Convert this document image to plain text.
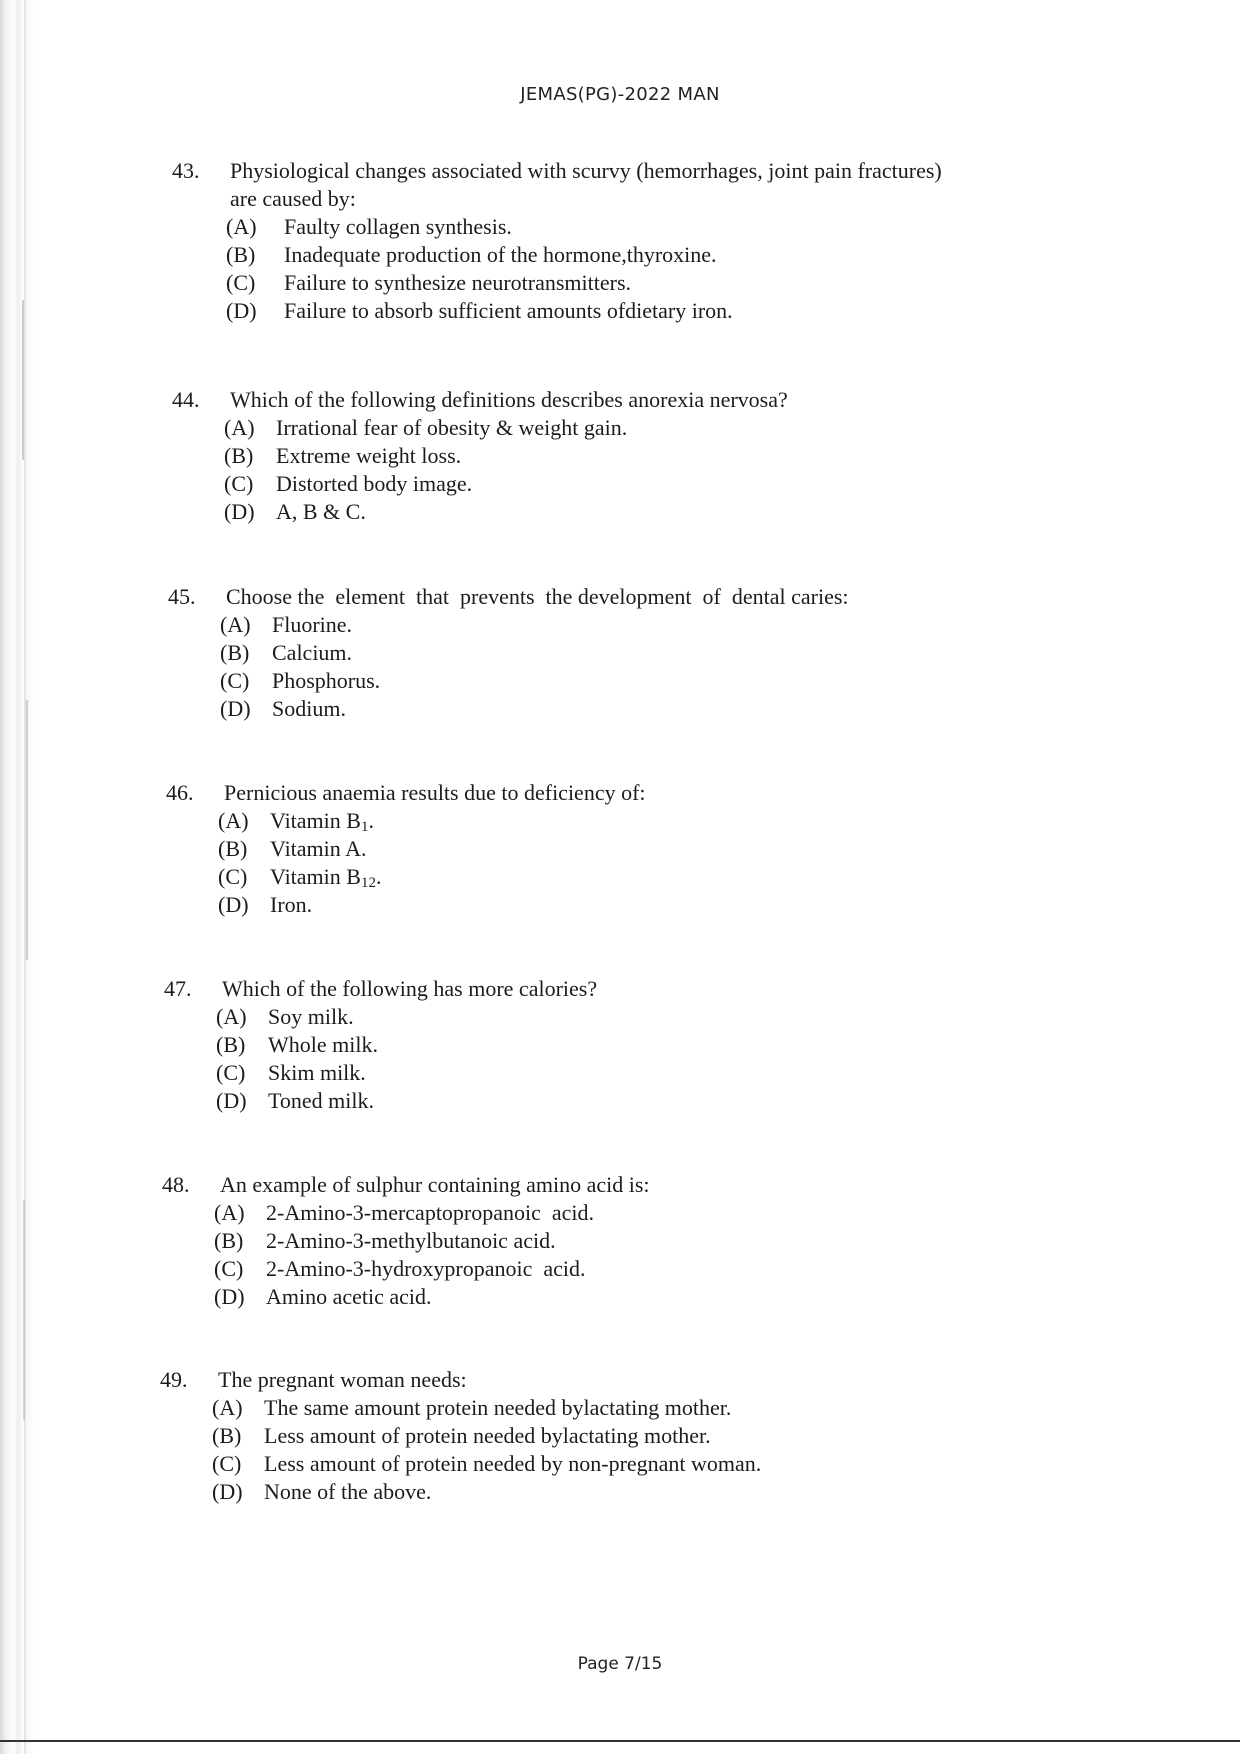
JEMAS(PG)-2022 MAN
43. Physiological changes associated with scurvy (hemorrhages, joint pain fractures)
are caused by:
(A) Faulty collagen synthesis.
(B) Inadequate production of the hormone,thyroxine.
(C) Failure to synthesize neurotransmitters.
(D) Failure to absorb sufficient amounts ofdietary iron.
44. Which of the following definitions describes anorexia nervosa?
(A) Irrational fear of obesity & weight gain.
(B) Extreme weight loss.
(C) Distorted body image.
(D) A, B & C.
45. Choose the  element  that  prevents  the development  of  dental caries:
(A) Fluorine.
(B) Calcium.
(C) Phosphorus.
(D) Sodium.
46. Pernicious anaemia results due to deficiency of:
(A) Vitamin $B_1$.
(B) Vitamin A.
(C) Vitamin $B_{12}$.
(D) Iron.
47. Which of the following has more calories?
(A) Soy milk.
(B) Whole milk.
(C) Skim milk.
(D) Toned milk.
48. An example of sulphur containing amino acid is:
(A) 2-Amino-3-mercaptopropanoic  acid.
(B) 2-Amino-3-methylbutanoic acid.
(C) 2-Amino-3-hydroxypropanoic  acid.
(D) Amino acetic acid.
49. The pregnant woman needs:
(A) The same amount protein needed bylactating mother.
(B) Less amount of protein needed bylactating mother.
(C) Less amount of protein needed by non-pregnant woman.
(D) None of the above.
Page 7/15
